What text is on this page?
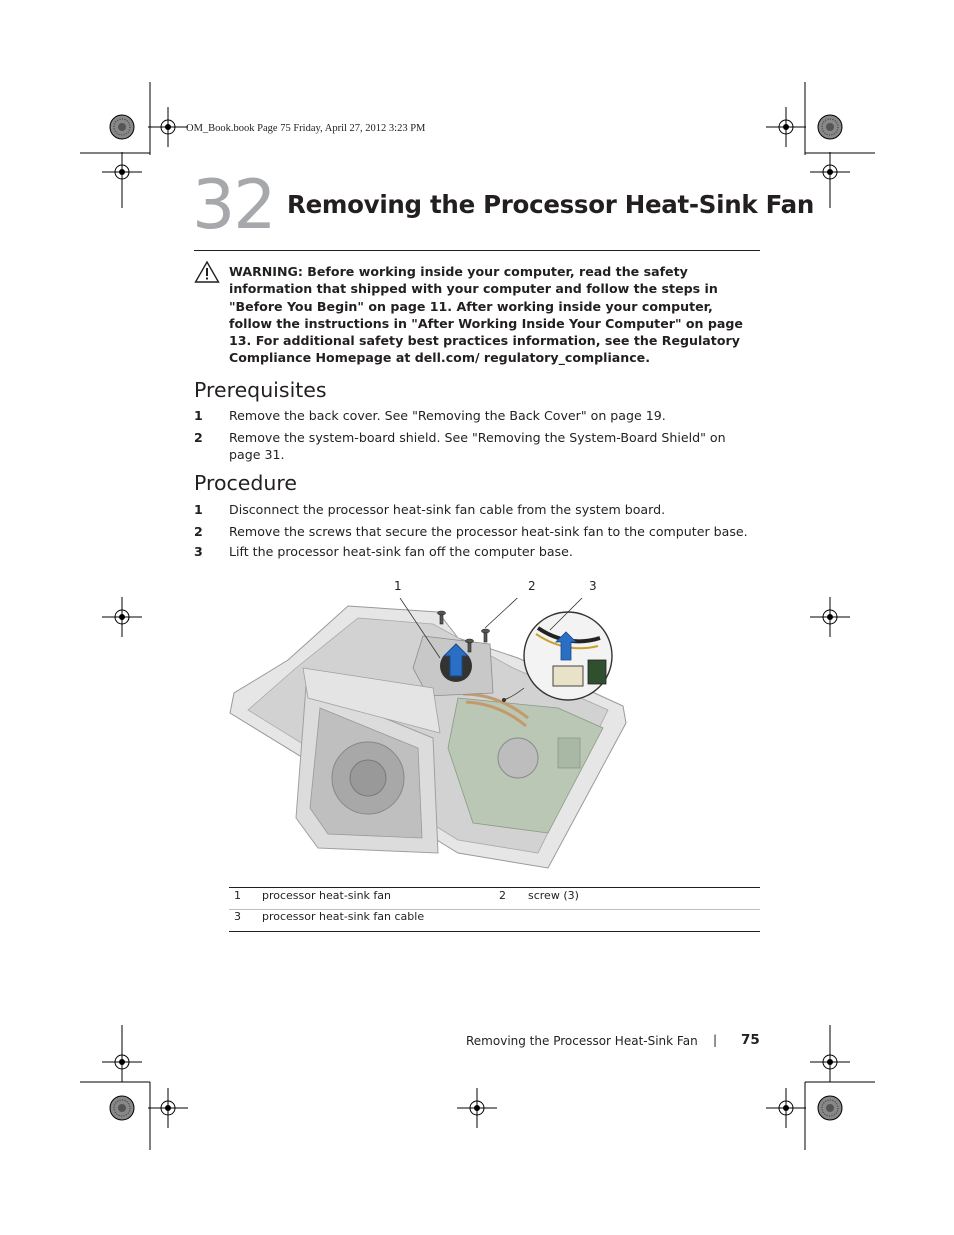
OM_Book.book Page 75 Friday, April 27, 2012 3:23 PM
32 Removing the Processor Heat-Sink Fan
WARNING: Before working inside your computer, read the safety information that shipped with your computer and follow the steps in "Before You Begin" on page 11. After working inside your computer, follow the instructions in "After Working Inside Your Computer" on page 13. For additional safety best practices information, see the Regulatory Compliance Homepage at dell.com/ regulatory_compliance.
Prerequisites
1 Remove the back cover. See "Removing the Back Cover" on page 19.
2 Remove the system-board shield. See "Removing the System-Board Shield" on page 31.
Procedure
1 Disconnect the processor heat-sink fan cable from the system board.
2 Remove the screws that secure the processor heat-sink fan to the computer base.
3 Lift the processor heat-sink fan off the computer base.
1	2	3
1 processor heat-sink fan	2 screw (3)
3 processor heat-sink fan cable
Removing the Processor Heat-Sink Fan | 75
